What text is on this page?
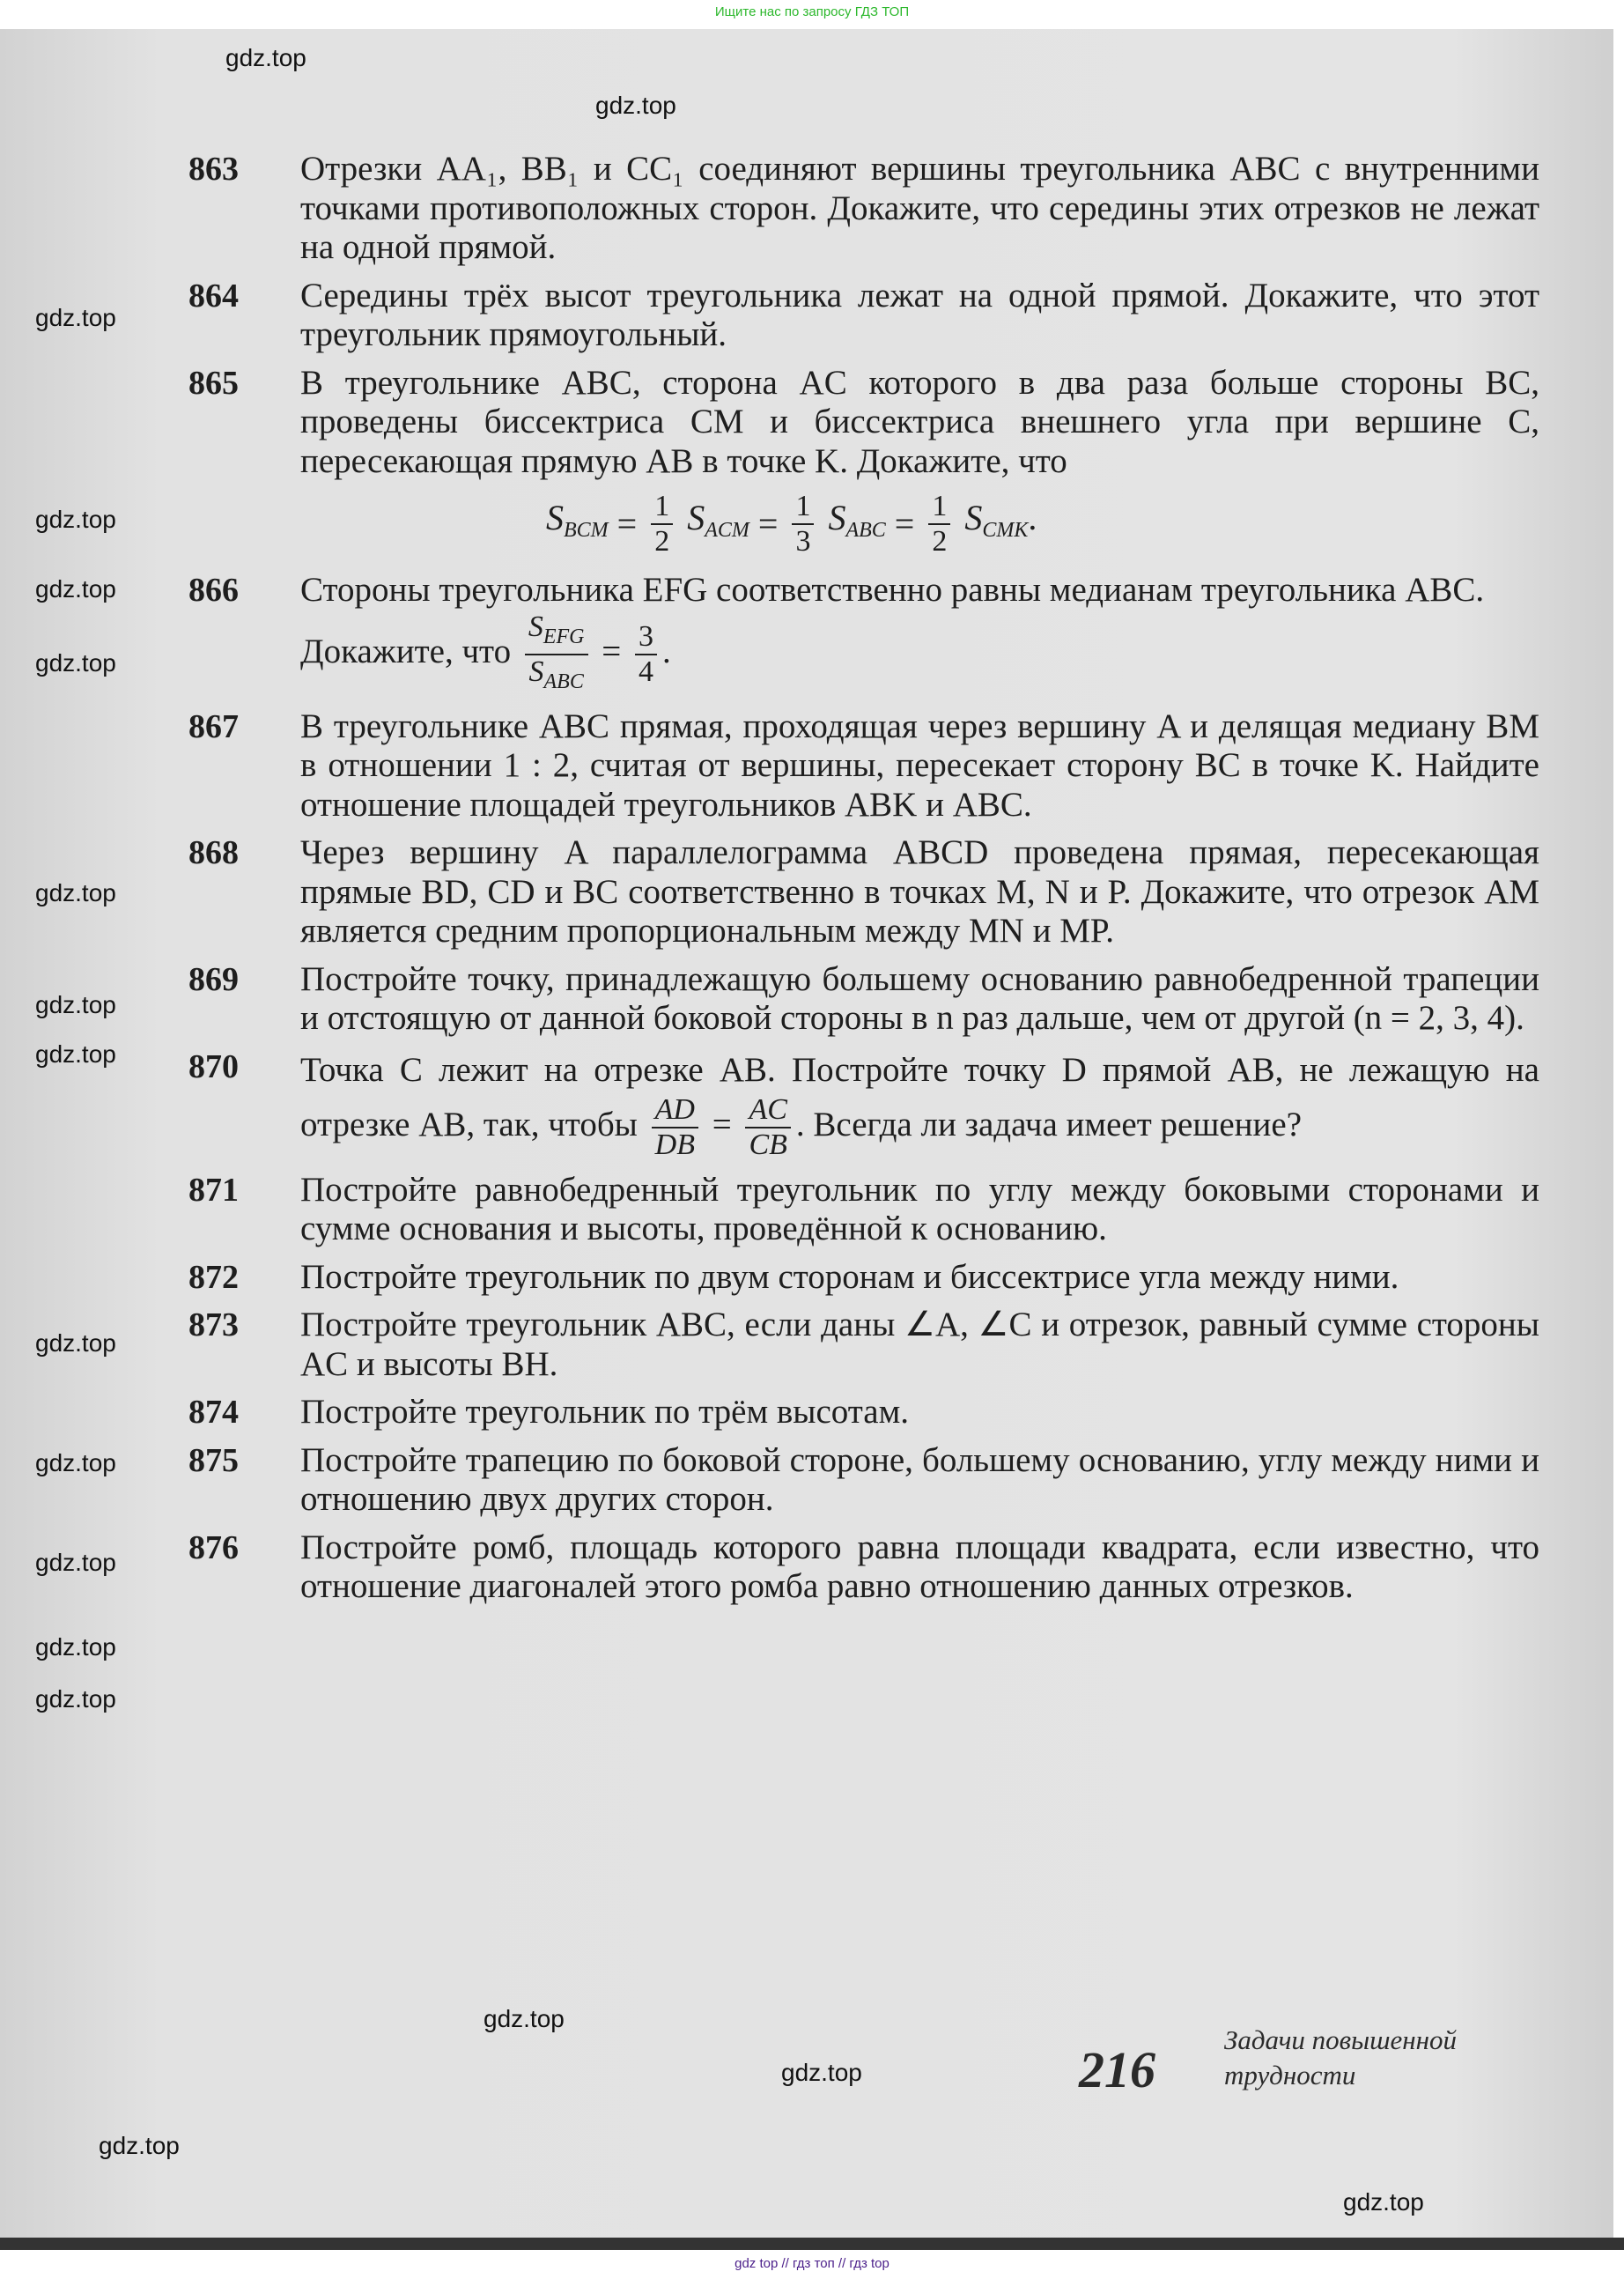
Ищите нас по запросу ГДЗ ТОП
863 Отрезки AA₁, BB₁ и CC₁ соединяют вершины треугольника ABC с внутренними точками противоположных сторон. Докажите, что середины этих отрезков не лежат на одной прямой.
864 Середины трёх высот треугольника лежат на одной прямой. Докажите, что этот треугольник прямоугольный.
865 В треугольнике ABC, сторона AC которого в два раза больше стороны BC, проведены биссектриса CM и биссектриса внешнего угла при вершине C, пересекающая прямую AB в точке K. Докажите, что
$S_{BCM} = \frac{1}{2} S_{ACM} = \frac{1}{3} S_{ABC} = \frac{1}{2} S_{CMK}$.
866 Стороны треугольника EFG соответственно равны медианам треугольника ABC. Докажите, что $\frac{S_{EFG}}{S_{ABC}} = \frac{3}{4}$ .
867 В треугольнике ABC прямая, проходящая через вершину A и делящая медиану BM в отношении 1 : 2, считая от вершины, пересекает сторону BC в точке K. Найдите отношение площадей треугольников ABK и ABC.
868 Через вершину A параллелограмма ABCD проведена прямая, пересекающая прямые BD, CD и BC соответственно в точках M, N и P. Докажите, что отрезок AM является средним пропорциональным между MN и MP.
869 Постройте точку, принадлежащую большему основанию равнобедренной трапеции и отстоящую от данной боковой стороны в n раз дальше, чем от другой (n = 2, 3, 4).
870 Точка C лежит на отрезке AB. Постройте точку D прямой AB, не лежащую на отрезке AB, так, чтобы $\frac{AD}{DB} = \frac{AC}{CB}$ . Всегда ли задача имеет решение?
871 Постройте равнобедренный треугольник по углу между боковыми сторонами и сумме основания и высоты, проведённой к основанию.
872 Постройте треугольник по двум сторонам и биссектрисе угла между ними.
873 Постройте треугольник ABC, если даны ∠A, ∠C и отрезок, равный сумме стороны AC и высоты BH.
874 Постройте треугольник по трём высотам.
875 Постройте трапецию по боковой стороне, большему основанию, углу между ними и отношению двух других сторон.
876 Постройте ромб, площадь которого равна площади квадрата, если известно, что отношение диагоналей этого ромба равно отношению данных отрезков.
216
Задачи повышенной
трудности
gdz.top
gdz.top
gdz.top
gdz.top
gdz.top
gdz.top
gdz.top
gdz.top
gdz.top
gdz.top
gdz.top
gdz.top
gdz.top
gdz.top
gdz.top
gdz.top
gdz.top
gdz.top
gdz top // гдз топ // гдз top
